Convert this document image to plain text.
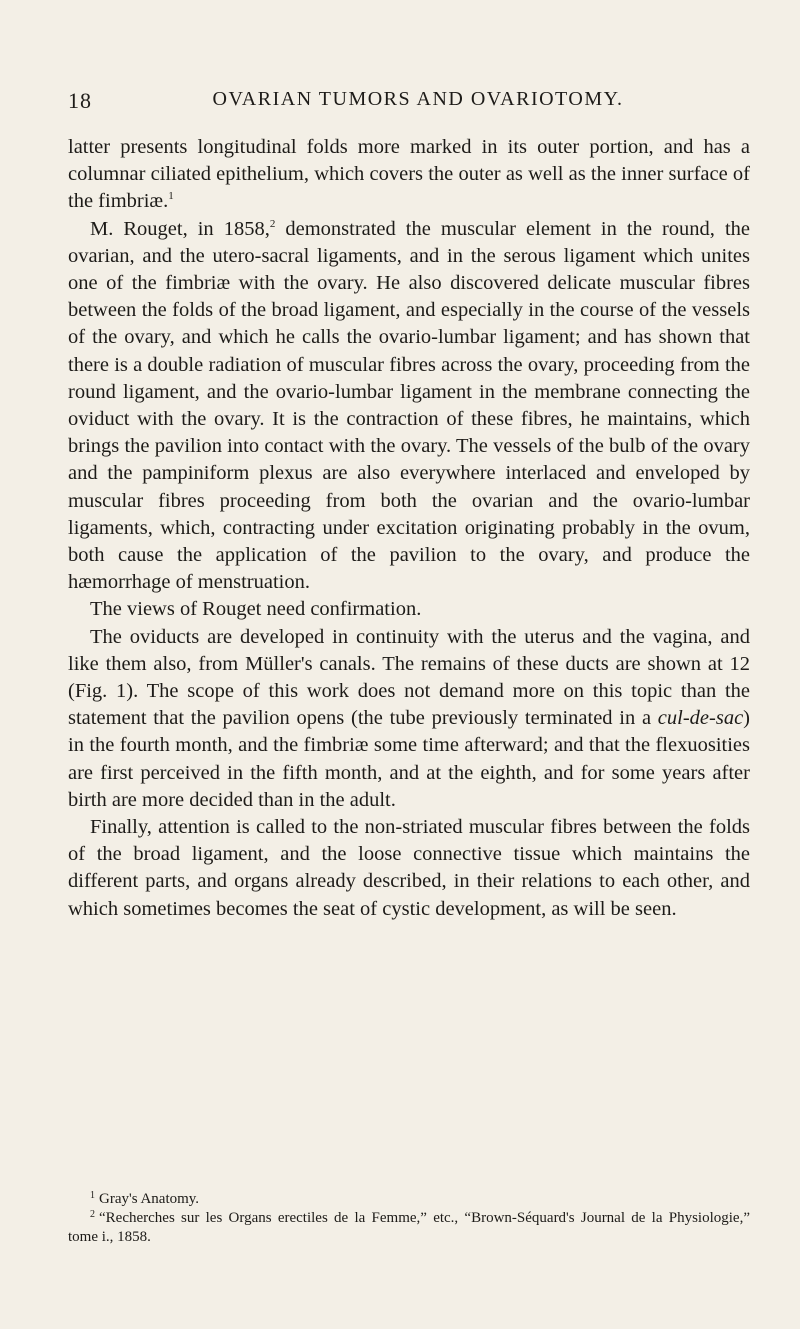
18	OVARIAN TUMORS AND OVARIOTOMY.

latter presents longitudinal folds more marked in its outer portion, and has a columnar ciliated epithelium, which covers the outer as well as the inner surface of the fimbriæ.$^1$

M. Rouget, in 1858,$^2$ demonstrated the muscular element in the round, the ovarian, and the utero-sacral ligaments, and in the serous ligament which unites one of the fimbriæ with the ovary. He also discovered delicate muscular fibres between the folds of the broad ligament, and especially in the course of the vessels of the ovary, and which he calls the ovario-lumbar ligament; and has shown that there is a double radiation of muscular fibres across the ovary, proceeding from the round ligament, and the ovario-lumbar ligament in the membrane connecting the oviduct with the ovary. It is the contraction of these fibres, he maintains, which brings the pavilion into contact with the ovary. The vessels of the bulb of the ovary and the pampiniform plexus are also everywhere interlaced and enveloped by muscular fibres proceeding from both the ovarian and the ovario-lumbar ligaments, which, contracting under excitation originating probably in the ovum, both cause the application of the pavilion to the ovary, and produce the hæmorrhage of menstruation.

The views of Rouget need confirmation.

The oviducts are developed in continuity with the uterus and the vagina, and like them also, from Müller's canals. The remains of these ducts are shown at 12 (Fig. 1). The scope of this work does not demand more on this topic than the statement that the pavilion opens (the tube previously terminated in a cul-de-sac) in the fourth month, and the fimbriæ some time afterward; and that the flexuosities are first perceived in the fifth month, and at the eighth, and for some years after birth are more decided than in the adult.

Finally, attention is called to the non-striated muscular fibres between the folds of the broad ligament, and the loose connective tissue which maintains the different parts, and organs already described, in their relations to each other, and which sometimes becomes the seat of cystic development, as will be seen.

$^1$ Gray's Anatomy.

$^2$ “Recherches sur les Organs erectiles de la Femme,” etc., “Brown-Séquard's Journal de la Physiologie,” tome i., 1858.
